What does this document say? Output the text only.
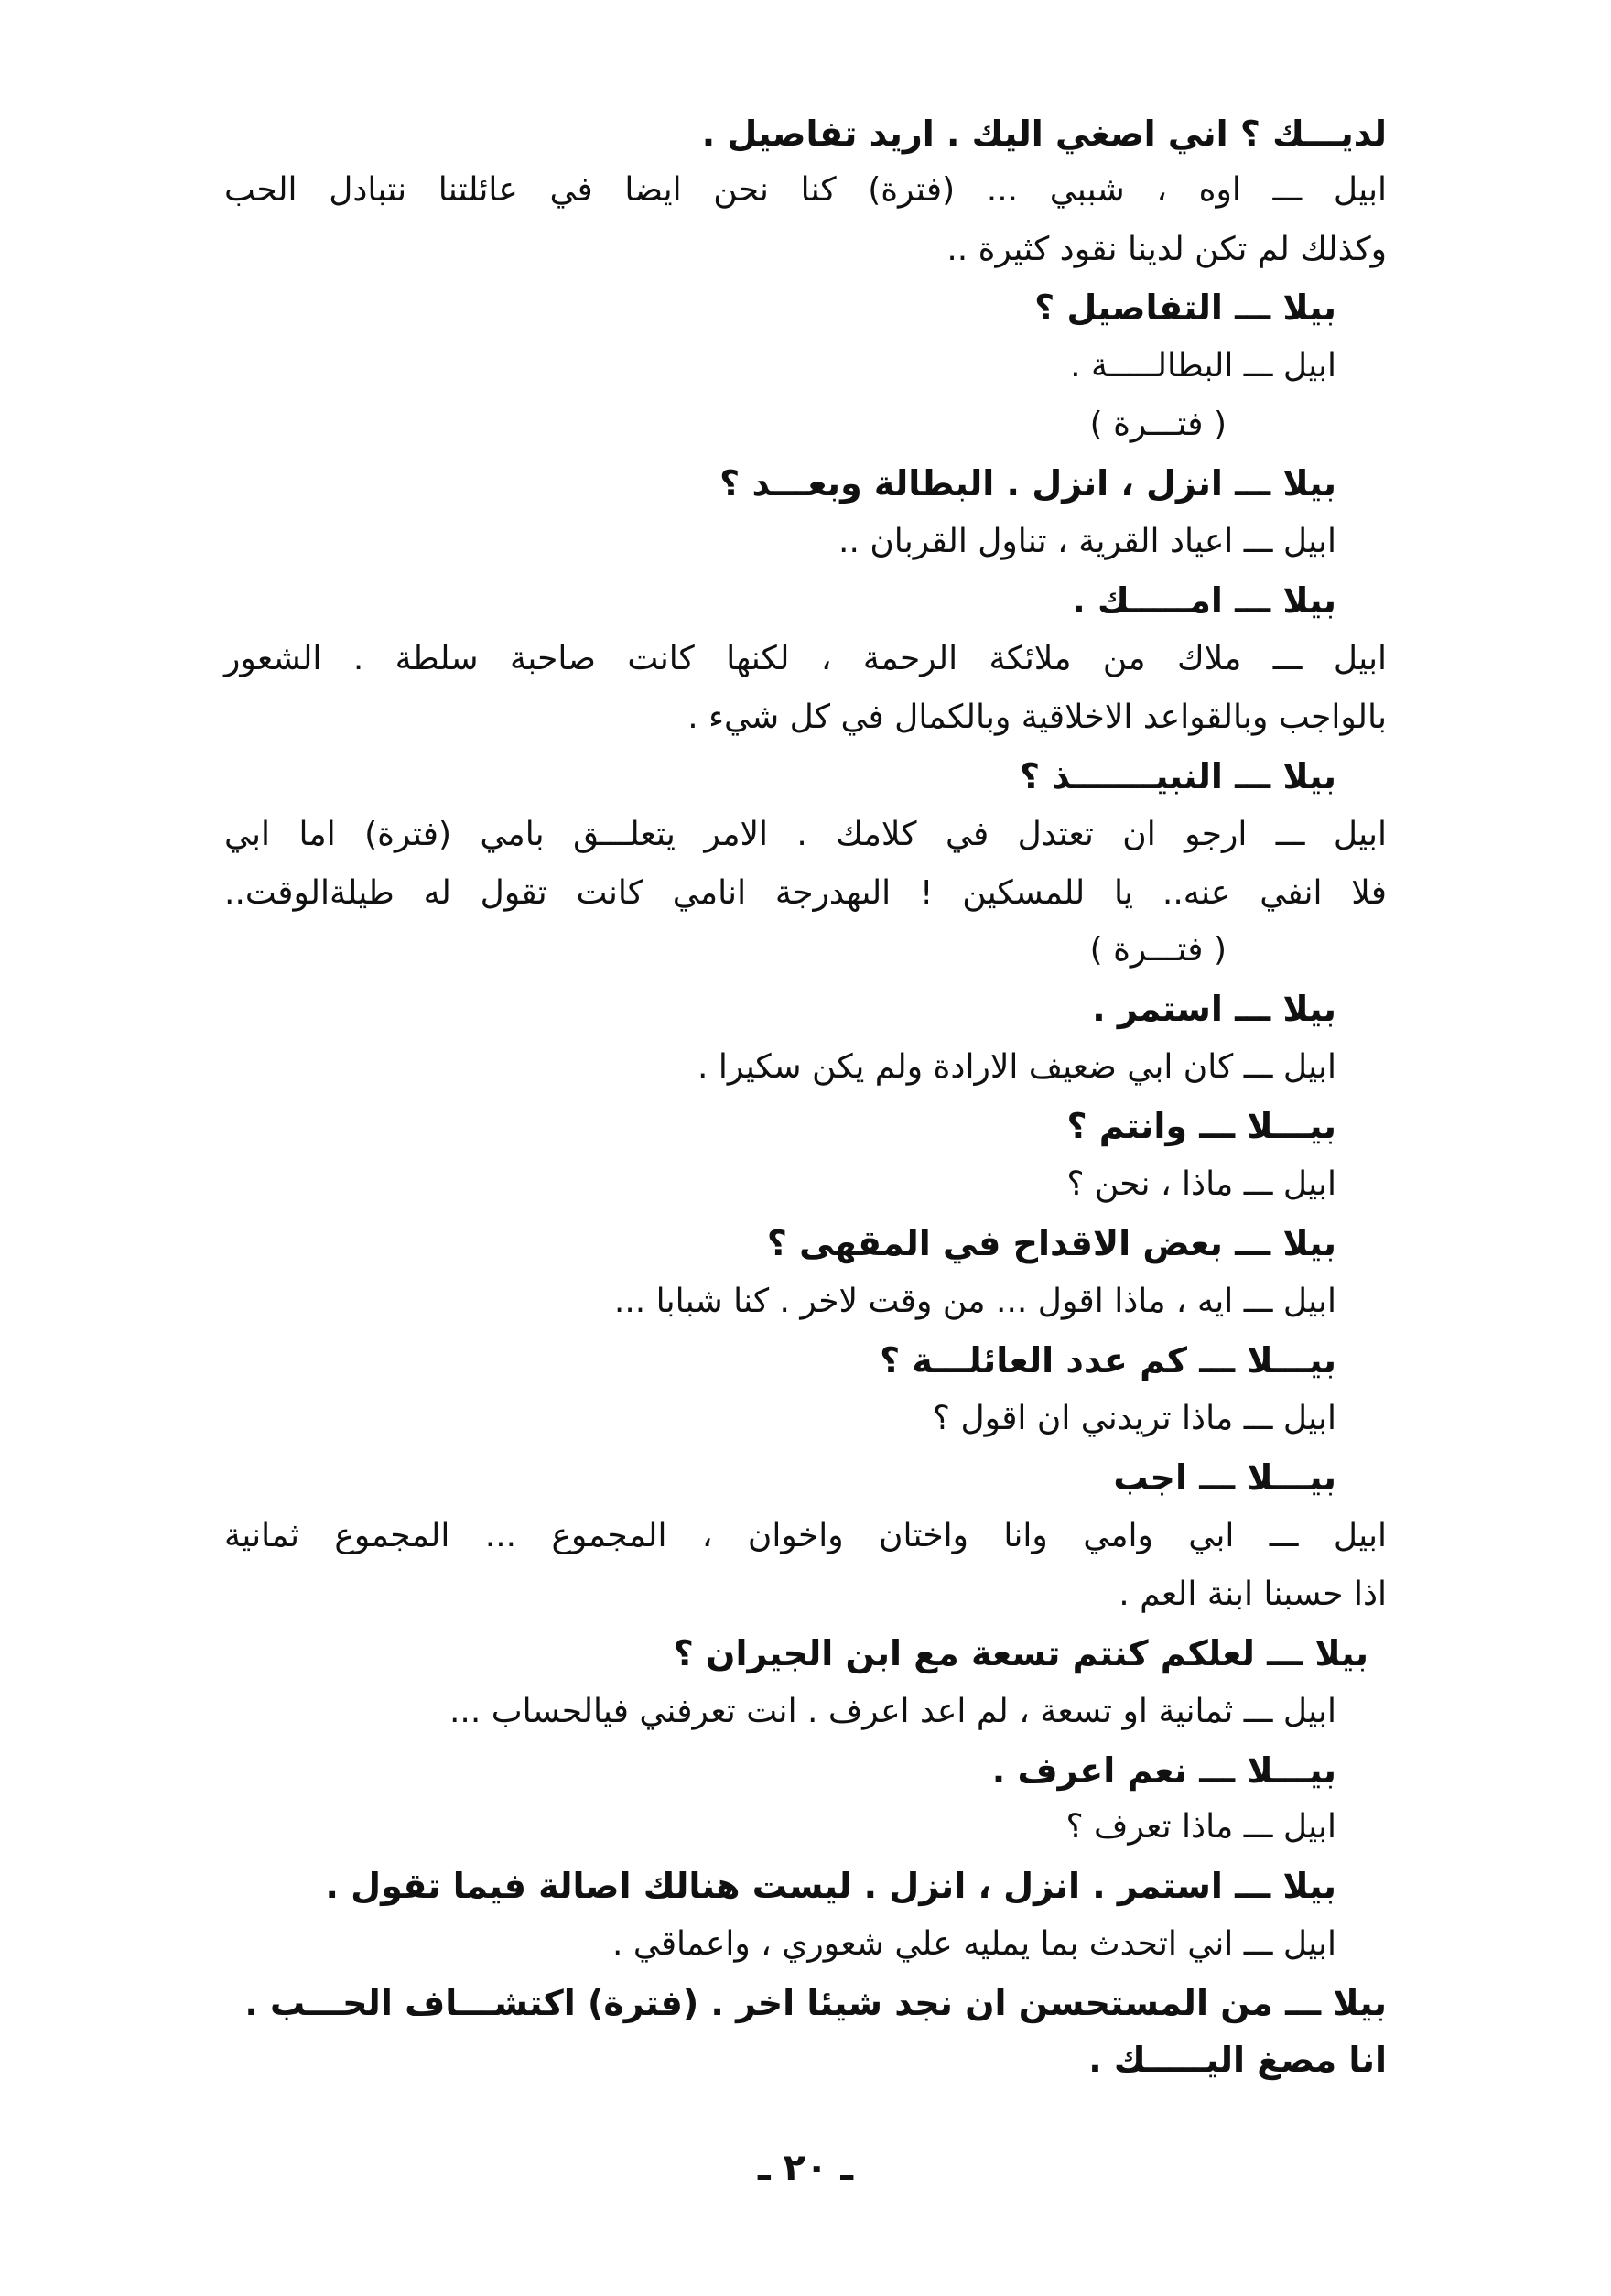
لديـــك ؟ اني اصغي اليك . اريد تفاصيل .
ابيل ـــ اوه ، شببي ... (فترة) كنا نحن ايضا في عائلتنا نتبادل الحب
وكذلك لم تكن لدينا نقود كثيرة ..
بيلا ـــ التفاصيل ؟
ابيل ـــ البطالـــــة .
( فتـــرة )
بيلا ـــ انزل ، انزل . البطالة وبعـــد ؟
ابيل ـــ اعياد القرية ، تناول القربان ..
بيلا ـــ امـــــك .
ابيل ـــ ملاك من ملائكة الرحمة ، لكنها كانت صاحبة سلطة . الشعور
بالواجب وبالقواعد الاخلاقية وبالكمال في كل شيء .
بيلا ـــ النبيـــــــذ ؟
ابيل ـــ ارجو ان تعتدل في كلامك . الامر يتعلـــق بامي (فترة) اما ابي
فلا انفي عنه.. يا للمسكين ! الىهدرجة انامي كانت تقول له طيلةالوقت..
( فتـــرة )
بيلا ـــ استمر .
ابيل ـــ كان ابي ضعيف الارادة ولم يكن سكيرا .
بيـــلا ـــ وانتم ؟
ابيل ـــ ماذا ، نحن ؟
بيلا ـــ بعض الاقداح في المقهى ؟
ابيل ـــ ايه ، ماذا اقول ... من وقت لاخر . كنا شبابا ...
بيـــلا ـــ كم عدد العائلـــة ؟
ابيل ـــ ماذا تريدني ان اقول ؟
بيـــلا ـــ اجب
ابيل ـــ ابي وامي وانا واختان واخوان ، المجموع ... المجموع ثمانية
اذا حسبنا ابنة العم .
بيلا ـــ لعلكم كنتم تسعة مع ابن الجيران ؟
ابيل ـــ ثمانية او تسعة ، لم اعد اعرف . انت تعرفني فيالحساب ...
بيـــلا ـــ نعم اعرف .
ابيل ـــ ماذا تعرف ؟
بيلا ـــ استمر . انزل ، انزل . ليست هنالك اصالة فيما تقول .
ابيل ـــ اني اتحدث بما يمليه علي شعوري ، واعماقي .
بيلا ـــ من المستحسن ان نجد شيئا اخر . (فترة) اكتشـــاف الحـــب .
انا مصغ اليـــــك .
ـ ٢٠ ـ
